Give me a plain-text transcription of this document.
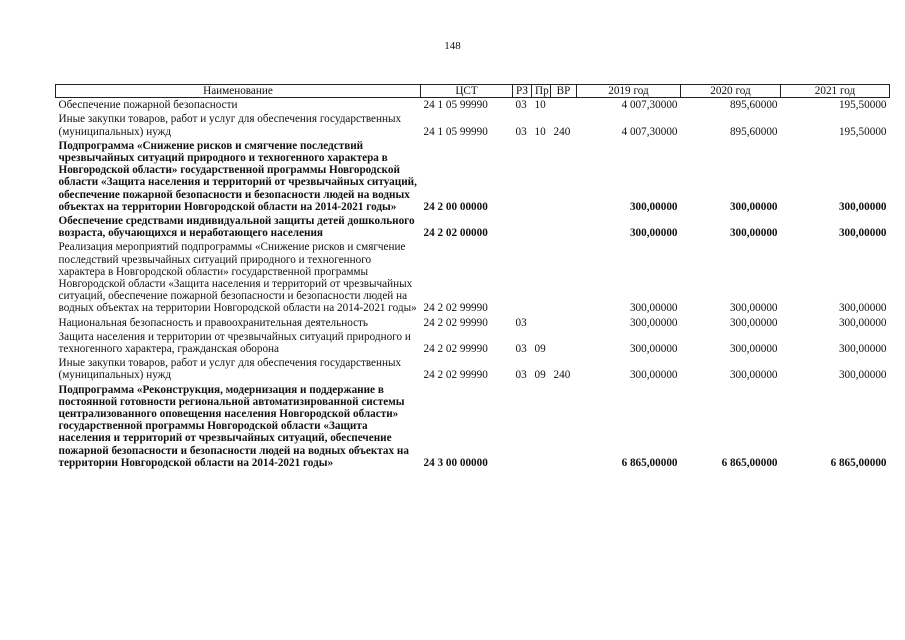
148
Наименование	ЦСТ	РЗ	Пр	ВР	2019 год	2020 год	2021 год
Обеспечение пожарной безопасности	24 1 05 99990	03	10		4 007,30000	895,60000	195,50000
Иные закупки товаров, работ и услуг для обеспечения государственных (муниципальных) нужд	24 1 05 99990	03	10	240	4 007,30000	895,60000	195,50000
Подпрограмма «Снижение рисков и смягчение последствий чрезвычайных ситуаций природного и техногенного характера в Новгородской области» государственной программы Новгородской области «Защита населения и территорий от чрезвычайных ситуаций, обеспечение пожарной безопасности и безопасности людей на водных объектах на территории Новгородской области на 2014-2021 годы»	24 2 00 00000				300,00000	300,00000	300,00000
Обеспечение средствами индивидуальной защиты детей дошкольного возраста, обучающихся и неработающего населения	24 2 02 00000				300,00000	300,00000	300,00000
Реализация мероприятий подпрограммы «Снижение рисков и смягчение последствий чрезвычайных ситуаций природного и техногенного характера в Новгородской области» государственной программы Новгородской области «Защита населения и территорий от чрезвычайных ситуаций, обеспечение пожарной безопасности и безопасности людей на водных объектах на территории Новгородской области на 2014-2021 годы»	24 2 02 99990				300,00000	300,00000	300,00000
Национальная безопасность и правоохранительная деятельность	24 2 02 99990	03			300,00000	300,00000	300,00000
Защита населения и территории от чрезвычайных ситуаций природного и техногенного характера, гражданская оборона	24 2 02 99990	03	09		300,00000	300,00000	300,00000
Иные закупки товаров, работ и услуг для обеспечения государственных (муниципальных) нужд	24 2 02 99990	03	09	240	300,00000	300,00000	300,00000
Подпрограмма «Реконструкция, модернизация и поддержание в постоянной готовности региональной автоматизированной системы централизованного оповещения населения Новгородской области» государственной программы Новгородской области «Защита населения и территорий от чрезвычайных ситуаций, обеспечение пожарной безопасности и безопасности людей на водных объектах на территории Новгородской области на 2014-2021 годы»	24 3 00 00000				6 865,00000	6 865,00000	6 865,00000
